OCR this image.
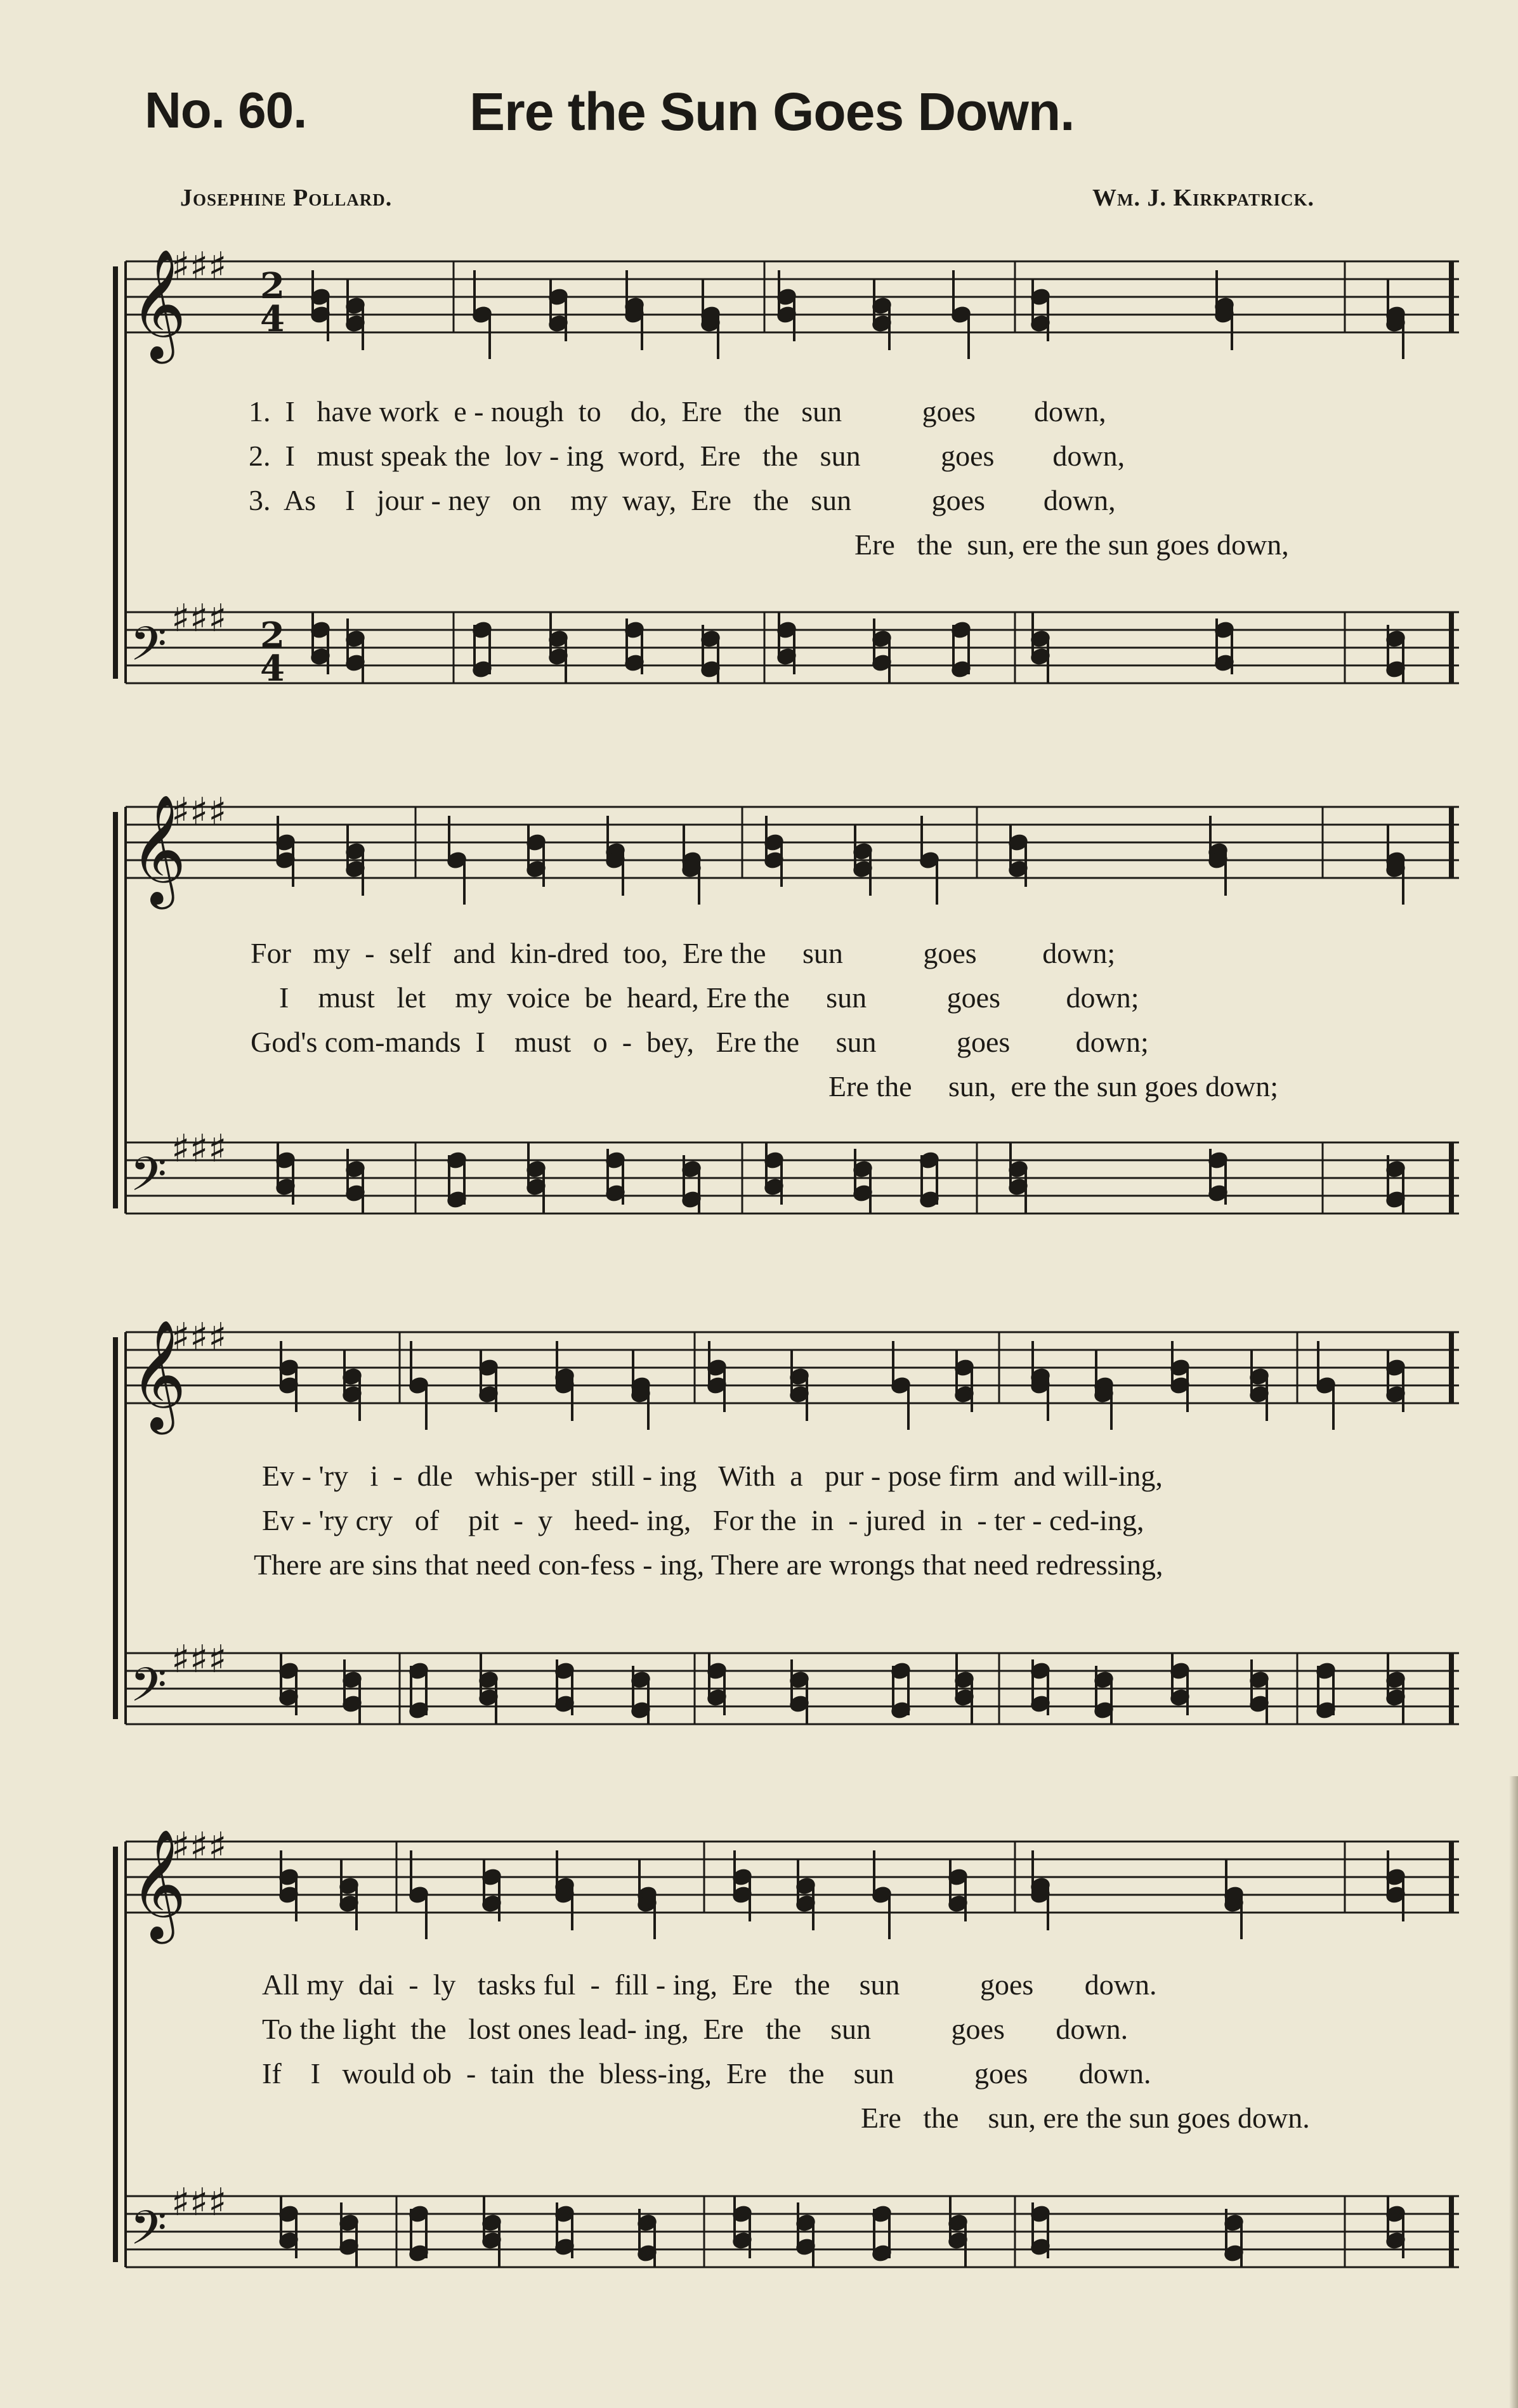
No. 60.	Ere the Sun Goes Down.
Josephine Pollard.	Wm. J. Kirkpatrick.
𝄞
𝄢
♯♯♯
♯♯♯
2
4
2
4
𝄞
𝄢
♯♯♯
♯♯♯
𝄞
𝄢
♯♯♯
♯♯♯
𝄞
𝄢
♯♯♯
♯♯♯
1.  I   have work  e - nough  to    do,  Ere   the   sun           goes        down,
2.  I   must speak the  lov - ing  word,  Ere   the   sun           goes        down,
3.  As    I   jour - ney   on    my  way,  Ere   the   sun           goes        down,
Ere   the  sun, ere the sun goes down,
For   my  -  self   and  kin-dred  too,  Ere the     sun           goes         down;
I    must   let    my  voice  be  heard, Ere the     sun           goes         down;
God's com-mands  I    must   o  -  bey,   Ere the     sun           goes         down;
Ere the     sun,  ere the sun goes down;
Ev - 'ry   i  -  dle   whis-per  still - ing   With  a   pur - pose firm  and will-ing,
Ev - 'ry cry   of    pit  -  y   heed- ing,   For the  in  - jured  in  - ter - ced-ing,
There are sins that need con-fess - ing, There are wrongs that need redressing,
All my  dai  -  ly   tasks ful  -  fill - ing,  Ere   the    sun           goes       down.
To the light  the   lost ones lead- ing,  Ere   the    sun           goes       down.
If    I   would ob  -  tain  the  bless-ing,  Ere   the    sun           goes       down.
Ere   the    sun, ere the sun goes down.
